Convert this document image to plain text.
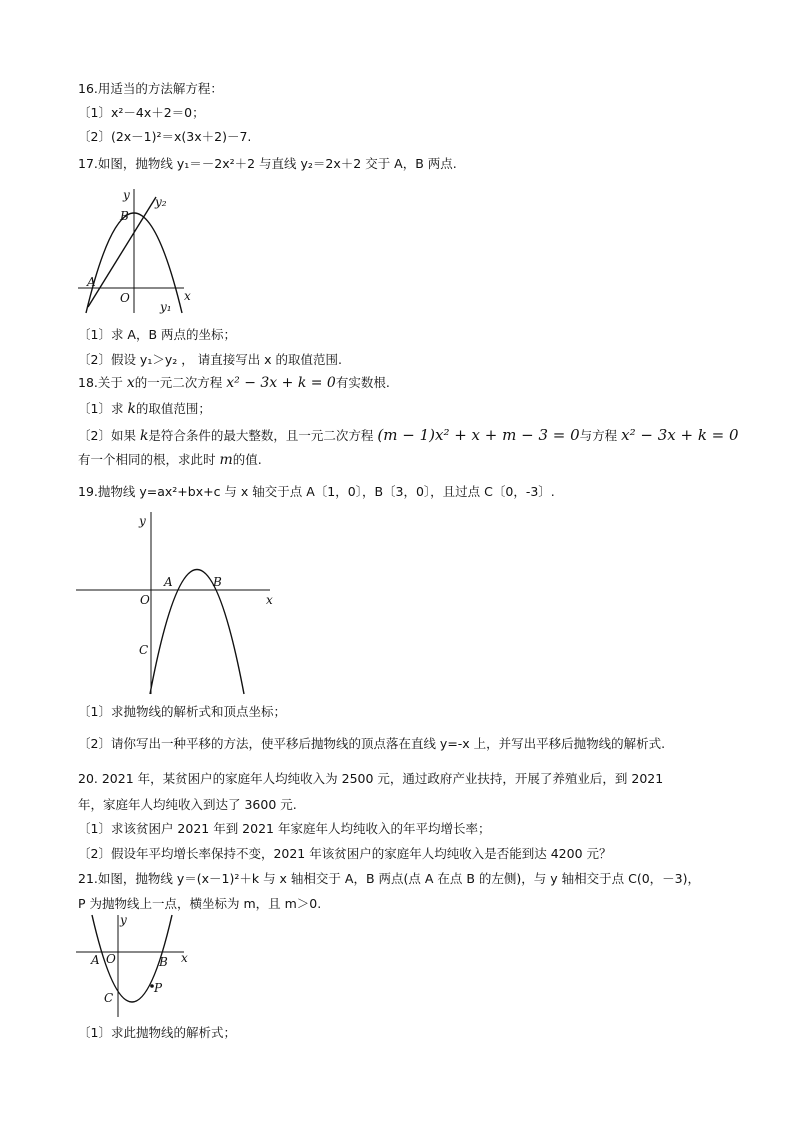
16.用适当的方法解方程：
〔1〕x²－4x＋2＝0；
〔2〕(2x－1)²＝x(3x＋2)－7.
17.如图，抛物线 y₁＝－2x²＋2 与直线 y₂＝2x＋2 交于 A，B 两点.
y y₂
B
A
O
y₁
x
〔1〕求 A，B 两点的坐标；
〔2〕假设 y₁＞y₂ ， 请直接写出 x 的取值范围.
18.关于 x的一元二次方程 x² − 3x + k = 0有实数根.
〔1〕求 k的取值范围；
〔2〕如果 k是符合条件的最大整数，且一元二次方程 (m − 1)x² + x + m − 3 = 0与方程 x² − 3x + k = 0
有一个相同的根，求此时 m的值.
19.抛物线 y=ax²+bx+c 与 x 轴交于点 A〔1，0〕，B〔3，0〕，且过点 C〔0，-3〕.
y
A	B
O	x
C
〔1〕求抛物线的解析式和顶点坐标；
〔2〕请你写出一种平移的方法，使平移后抛物线的顶点落在直线 y=-x 上，并写出平移后抛物线的解析式.
20. 2021 年，某贫困户的家庭年人均纯收入为 2500 元，通过政府产业扶持，开展了养殖业后，到 2021
年，家庭年人均纯收入到达了 3600 元.
〔1〕求该贫困户 2021 年到 2021 年家庭年人均纯收入的年平均增长率；
〔2〕假设年平均增长率保持不变，2021 年该贫困户的家庭年人均纯收入是否能到达 4200 元？
21.如图，抛物线 y＝(x－1)²＋k 与 x 轴相交于 A，B 两点(点 A 在点 B 的左侧)，与 y 轴相交于点 C(0，－3)，
P 为抛物线上一点，横坐标为 m，且 m＞0.
y
A O	B x
C
P
〔1〕求此抛物线的解析式；
